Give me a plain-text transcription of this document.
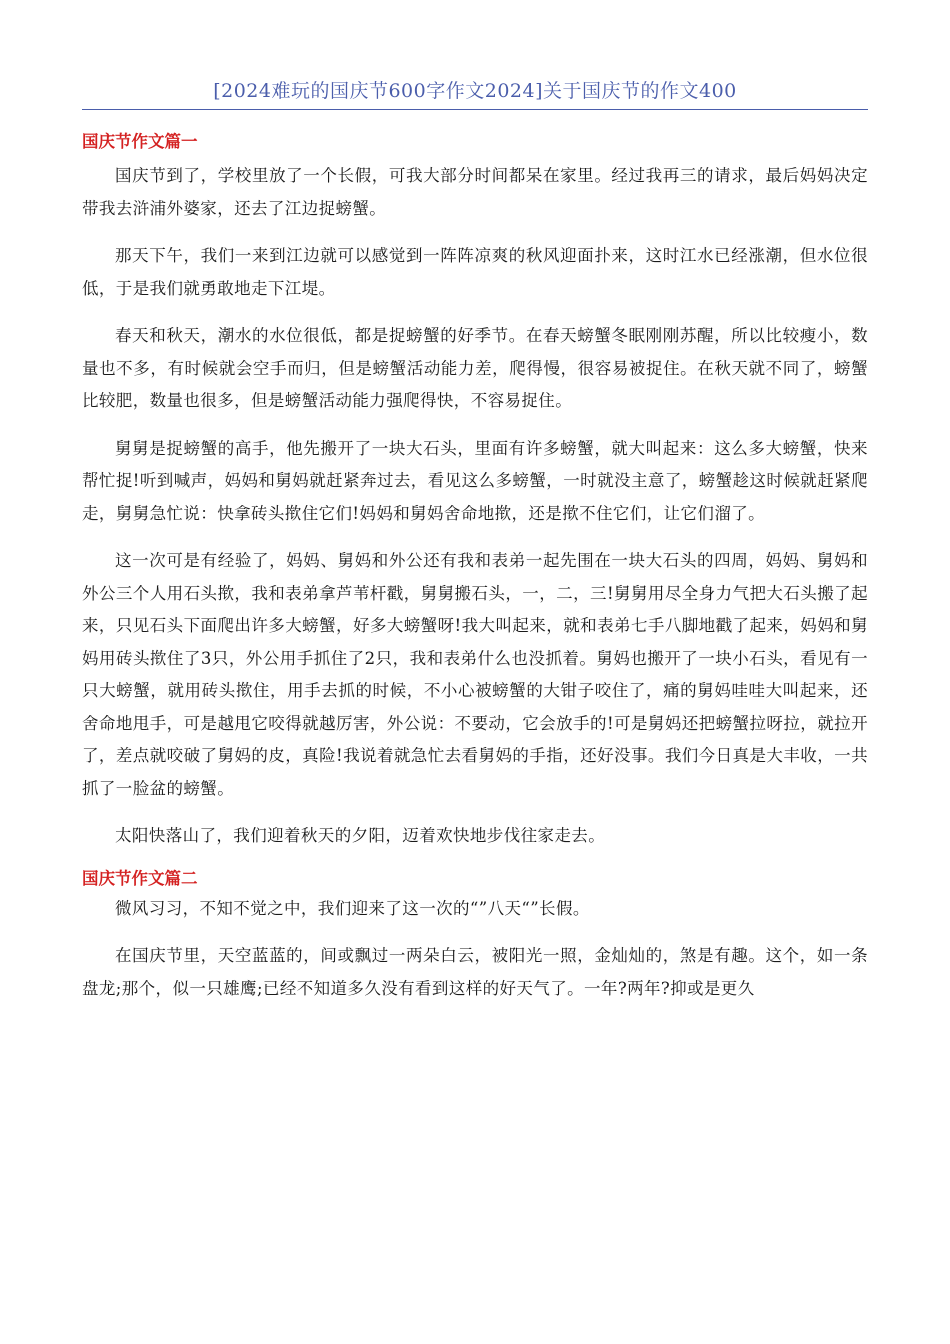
[2024难玩的国庆节600字作文2024]关于国庆节的作文400
国庆节作文篇一

国庆节到了，学校里放了一个长假，可我大部分时间都呆在家里。经过我再三的请求，最后妈妈决定带我去浒浦外婆家，还去了江边捉螃蟹。

那天下午，我们一来到江边就可以感觉到一阵阵凉爽的秋风迎面扑来，这时江水已经涨潮，但水位很低，于是我们就勇敢地走下江堤。

春天和秋天，潮水的水位很低，都是捉螃蟹的好季节。在春天螃蟹冬眠刚刚苏醒，所以比较瘦小，数量也不多，有时候就会空手而归，但是螃蟹活动能力差，爬得慢，很容易被捉住。在秋天就不同了，螃蟹比较肥，数量也很多，但是螃蟹活动能力强爬得快，不容易捉住。

舅舅是捉螃蟹的高手，他先搬开了一块大石头，里面有许多螃蟹，就大叫起来：这么多大螃蟹，快来帮忙捉!听到喊声，妈妈和舅妈就赶紧奔过去，看见这么多螃蟹，一时就没主意了，螃蟹趁这时候就赶紧爬走，舅舅急忙说：快拿砖头揿住它们!妈妈和舅妈舍命地揿，还是揿不住它们，让它们溜了。

这一次可是有经验了，妈妈、舅妈和外公还有我和表弟一起先围在一块大石头的四周，妈妈、舅妈和外公三个人用石头揿，我和表弟拿芦苇杆戳，舅舅搬石头，一，二，三!舅舅用尽全身力气把大石头搬了起来，只见石头下面爬出许多大螃蟹，好多大螃蟹呀!我大叫起来，就和表弟七手八脚地戳了起来，妈妈和舅妈用砖头揿住了3只，外公用手抓住了2只，我和表弟什么也没抓着。舅妈也搬开了一块小石头，看见有一只大螃蟹，就用砖头揿住，用手去抓的时候，不小心被螃蟹的大钳子咬住了，痛的舅妈哇哇大叫起来，还舍命地甩手，可是越甩它咬得就越厉害，外公说：不要动，它会放手的!可是舅妈还把螃蟹拉呀拉，就拉开了，差点就咬破了舅妈的皮，真险!我说着就急忙去看舅妈的手指，还好没事。我们今日真是大丰收，一共抓了一脸盆的螃蟹。

太阳快落山了，我们迎着秋天的夕阳，迈着欢快地步伐往家走去。

国庆节作文篇二

微风习习，不知不觉之中，我们迎来了这一次的“”八天“”长假。

在国庆节里，天空蓝蓝的，间或飘过一两朵白云，被阳光一照，金灿灿的，煞是有趣。这个，如一条盘龙;那个，似一只雄鹰;已经不知道多久没有看到这样的好天气了。一年?两年?抑或是更久
